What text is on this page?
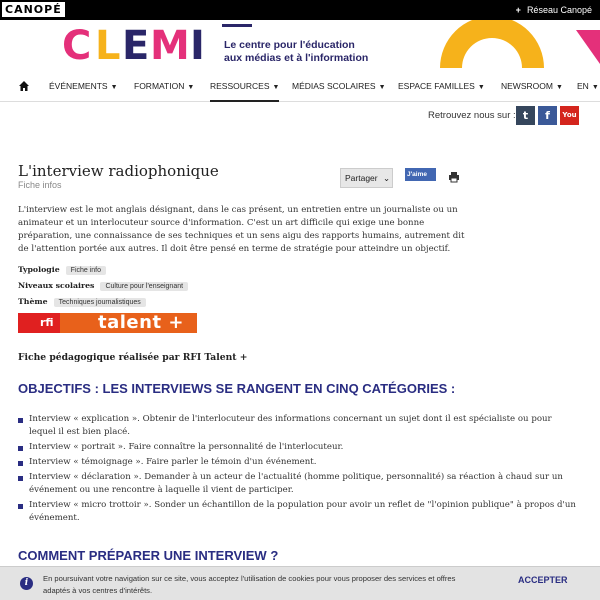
CANOPÉ	+ Réseau Canopé
C L E M I Le centre pour l'éducation
aux médias et à l'information
ÉVÉNEMENTS ▼ FORMATION ▼ RESSOURCES ▼ MÉDIAS SCOLAIRES ▼ ESPACE FAMILLES ▼ NEWSROOM ▼ EN ▼
Retrouvez nous sur : t	f	You
L'interview radiophonique
Fiche infos
Partager ⌄	J'aime

L'interview est le mot anglais désignant, dans le cas présent, un entretien entre un journaliste ou un animateur et un interlocuteur source d'information. C'est un art difficile qui exige une bonne préparation, une connaissance de ses techniques et un sens aigu des rapports humains, autrement dit de l'attention portée aux autres. Il doit être pensé en terme de stratégie pour atteindre un objectif.

Typologie Fiche info
Niveaux scolaires Culture pour l'enseignant
Thème Techniques journalistiques
rfi	talent +
Fiche pédagogique réalisée par RFI Talent +
OBJECTIFS : LES INTERVIEWS SE RANGENT EN CINQ CATÉGORIES :
Interview « explication ». Obtenir de l'interlocuteur des informations concernant un sujet dont il est spécialiste ou pour lequel il est bien placé.
Interview « portrait ». Faire connaître la personnalité de l'interlocuteur.
Interview « témoignage ». Faire parler le témoin d'un événement.
Interview « déclaration ». Demander à un acteur de l'actualité (homme politique, personnalité) sa réaction à chaud sur un événement ou une rencontre à laquelle il vient de participer.
Interview « micro trottoir ». Sonder un échantillon de la population pour avoir un reflet de "l'opinion publique" à propos d'un événement.
COMMENT PRÉPARER UNE INTERVIEW ?
i	En poursuivant votre navigation sur ce site, vous acceptez l'utilisation de cookies pour vous proposer des services et offres adaptés à vos centres d'intérêts.
ACCEPTER
